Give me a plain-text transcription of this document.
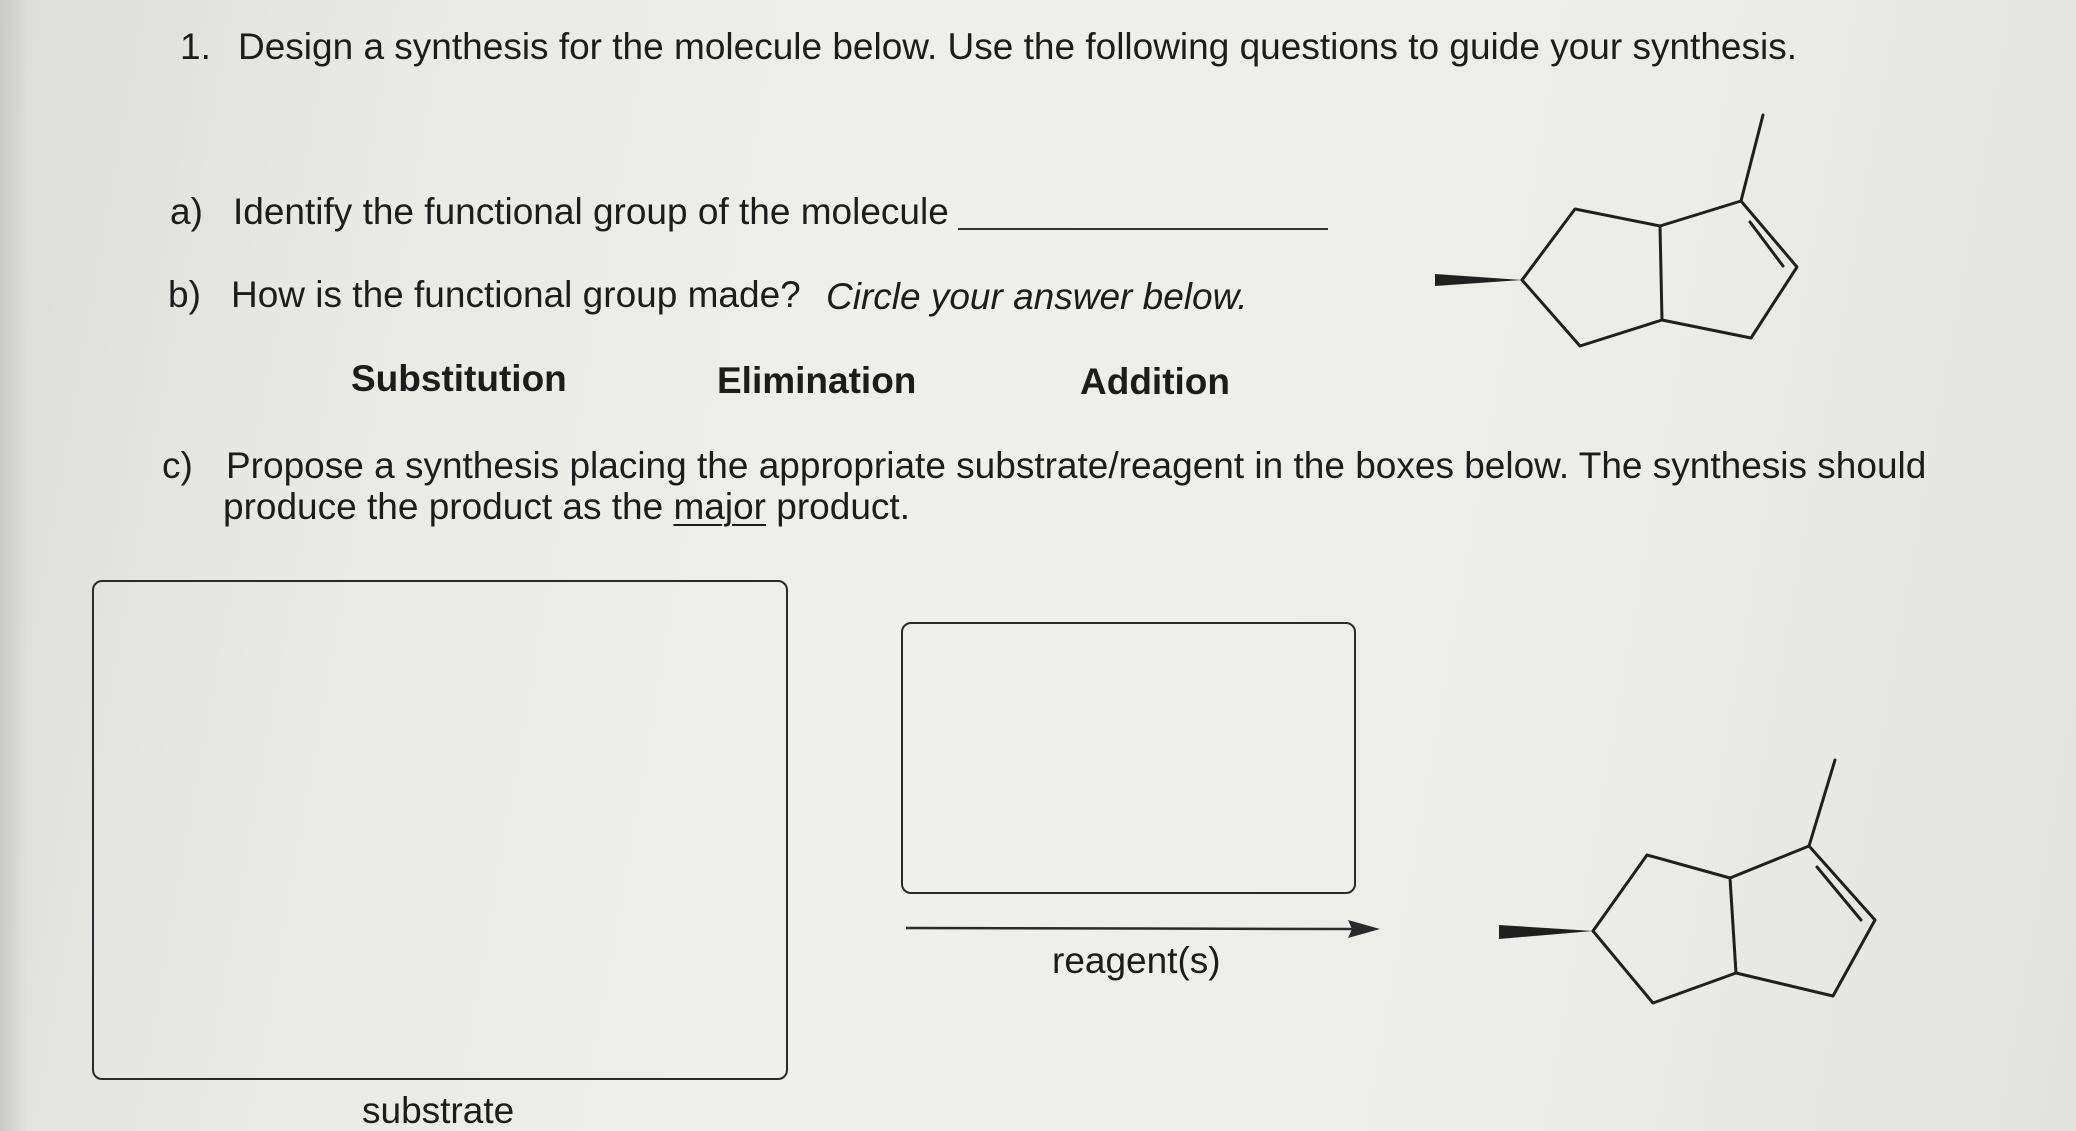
1. Design a synthesis for the molecule below. Use the following questions to guide your synthesis.
a) Identify the functional group of the molecule
b) How is the functional group made? Circle your answer below.
Substitution	Elimination	Addition
c) Propose a synthesis placing the appropriate substrate/reagent in the boxes below. The synthesis should
produce the product as the major product.
substrate
reagent(s)
